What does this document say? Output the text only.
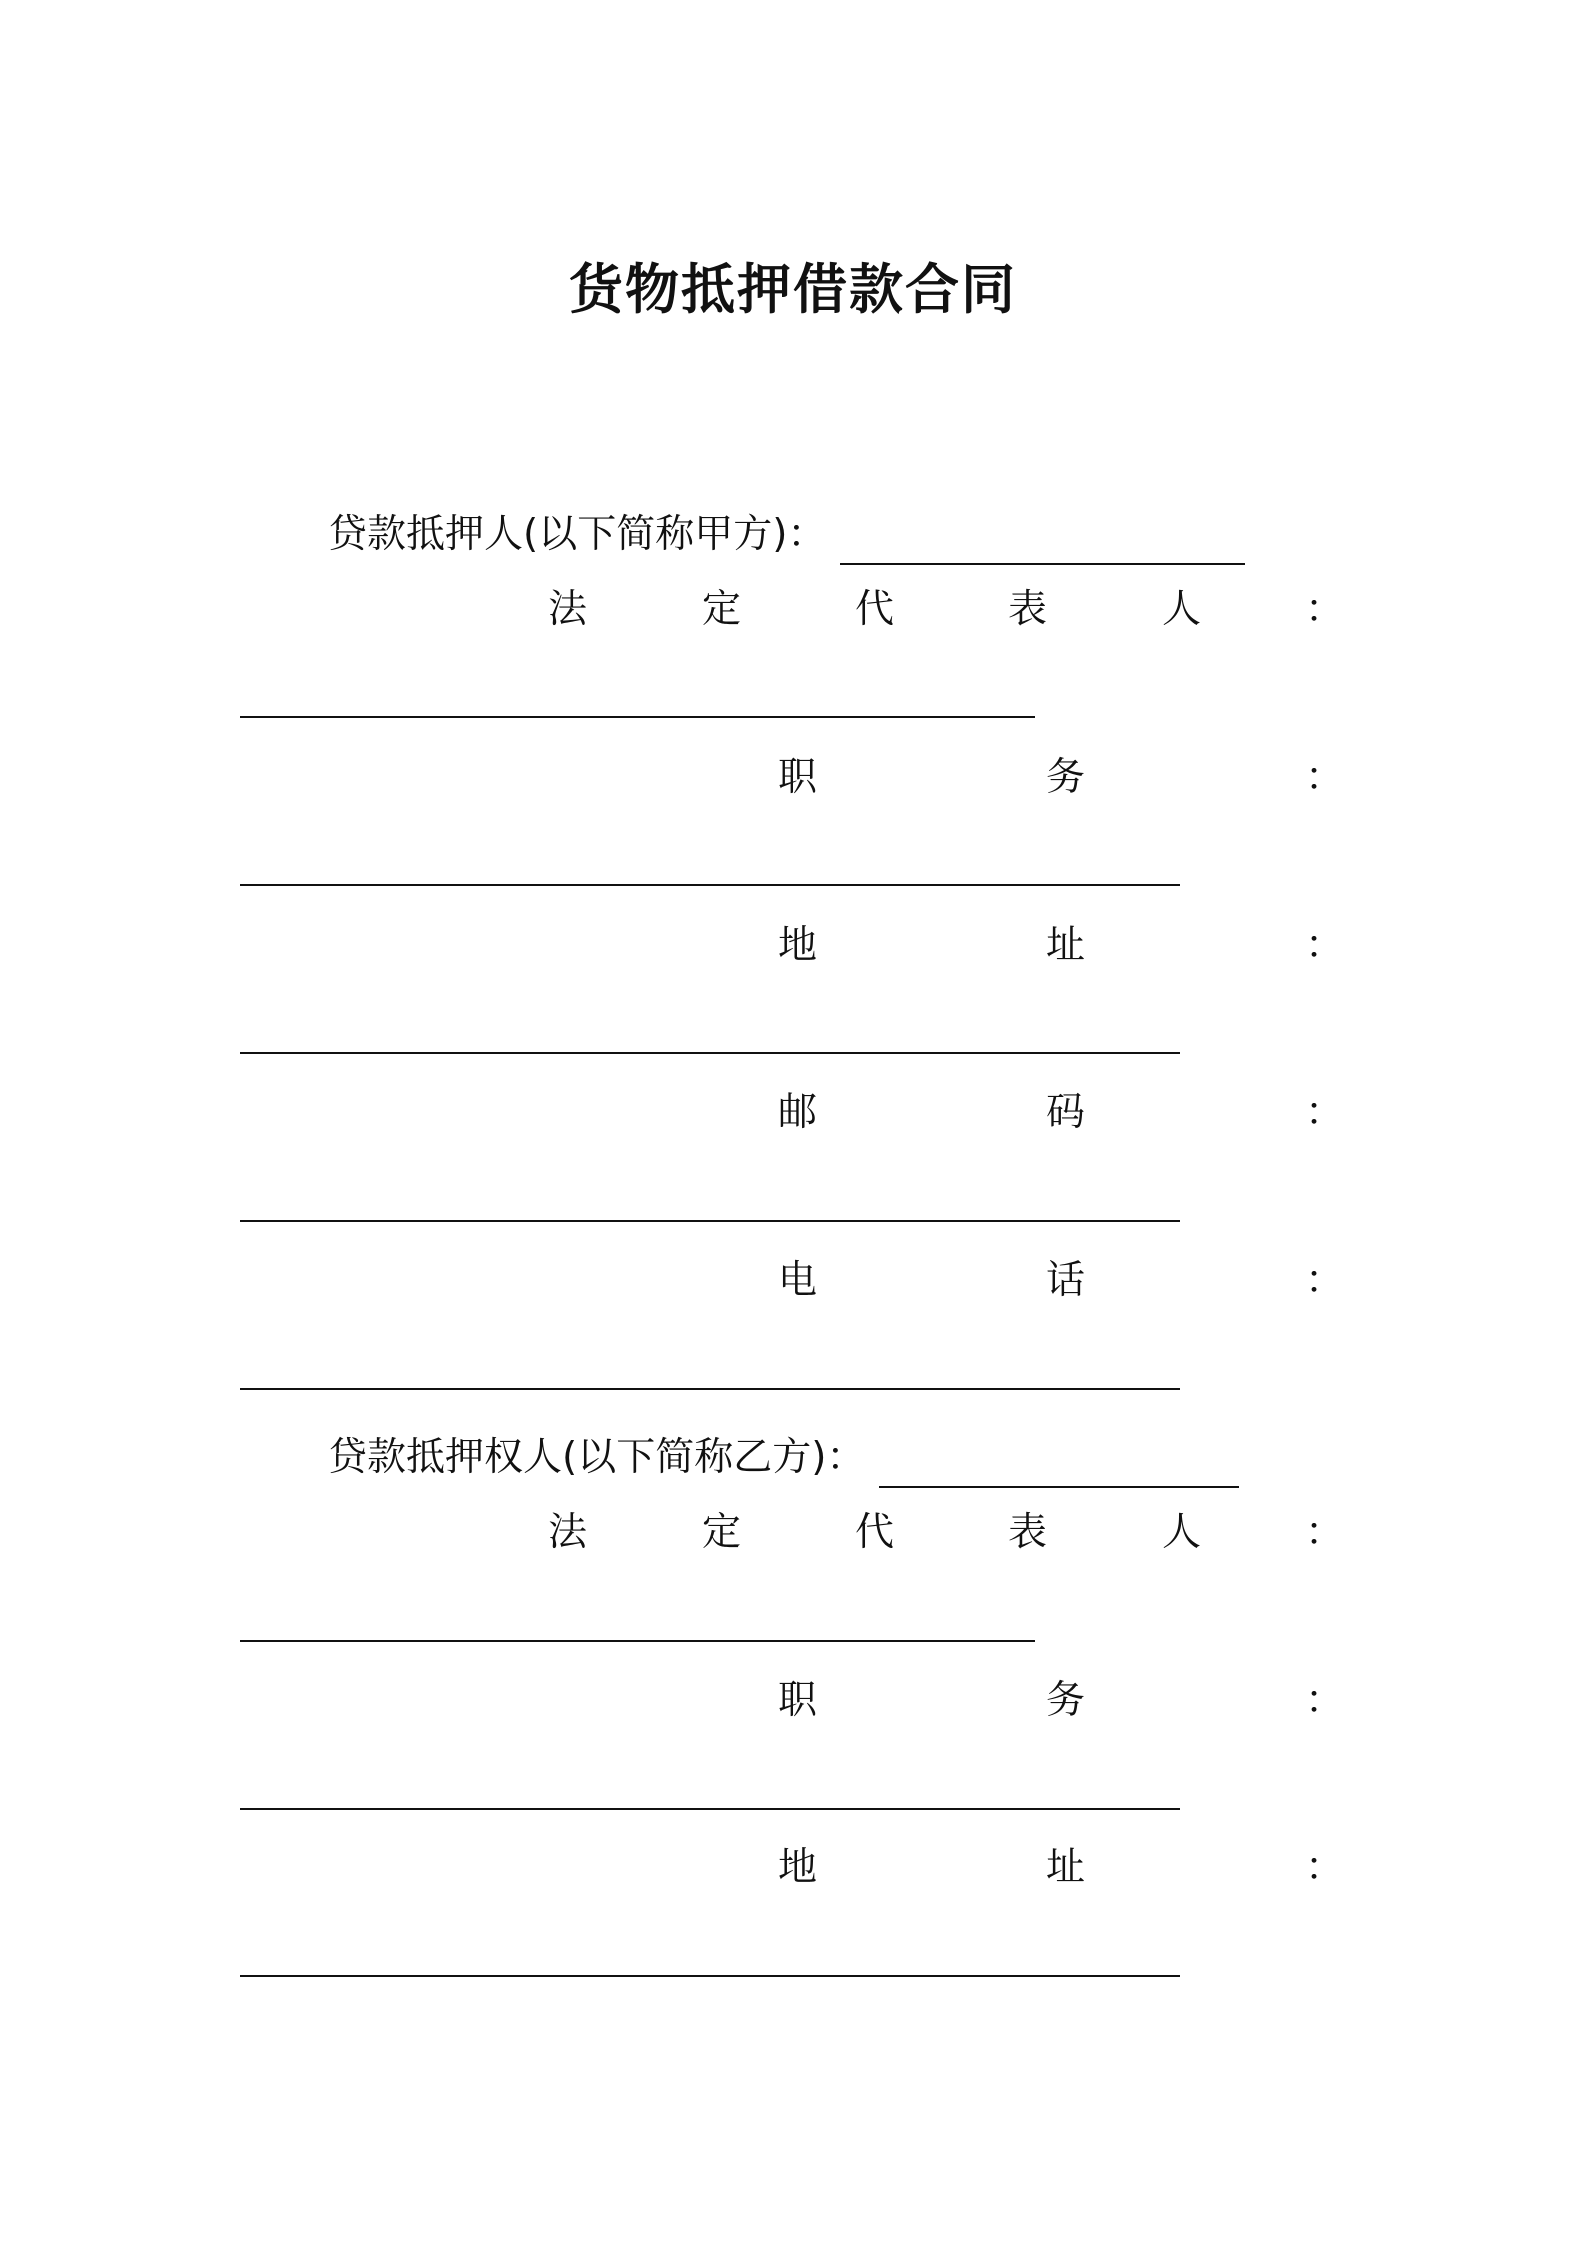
货物抵押借款合同
贷款抵押人(以下简称甲方)：
法	定	代	表	人	：
职	务	：
地	址	：
邮	码	：
电	话	：
贷款抵押权人(以下简称乙方)：
法	定	代	表	人	：
职	务	：
地	址	：
